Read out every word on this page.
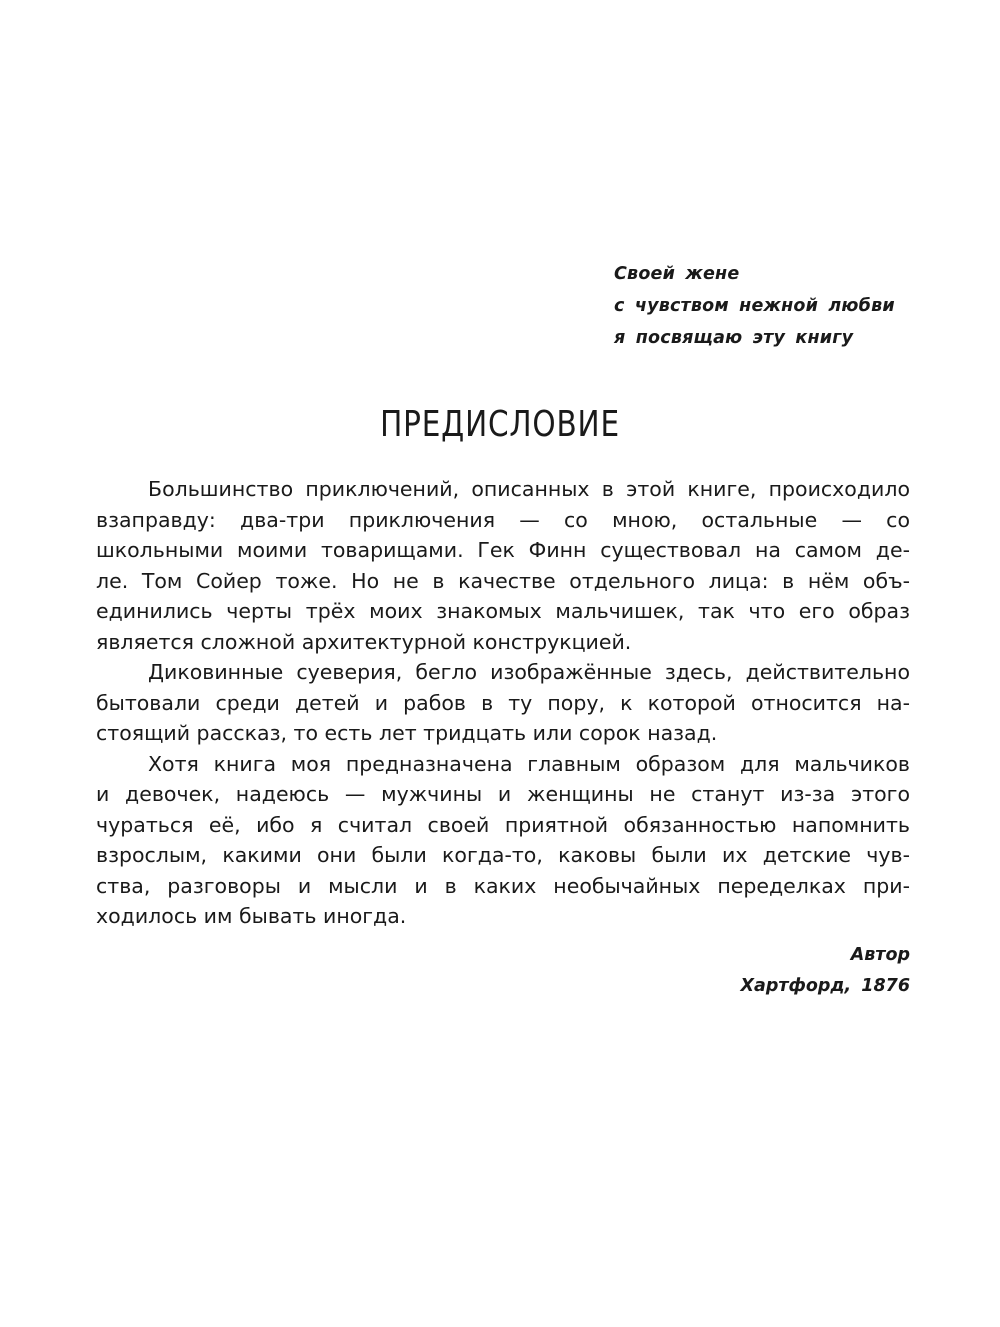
Своей жене
с чувством нежной любви
я посвящаю эту книгу
ПРЕДИСЛОВИЕ
Большинство приключений, описанных в этой книге, происходило
взаправду: два-три приключения — со мною, остальные — со
школьными моими товарищами. Гек Финн существовал на самом де-
ле. Том Сойер тоже. Но не в качестве отдельного лица: в нём объ-
единились черты трёх моих знакомых мальчишек, так что его образ
является сложной архитектурной конструкцией.
Диковинные суеверия, бегло изображённые здесь, действительно
бытовали среди детей и рабов в ту пору, к которой относится на-
стоящий рассказ, то есть лет тридцать или сорок назад.
Хотя книга моя предназначена главным образом для мальчиков
и девочек, надеюсь — мужчины и женщины не станут из-за этого
чураться её, ибо я считал своей приятной обязанностью напомнить
взрослым, какими они были когда-то, каковы были их детские чув-
ства, разговоры и мысли и в каких необычайных переделках при-
ходилось им бывать иногда.
Автор
Хартфорд, 1876
